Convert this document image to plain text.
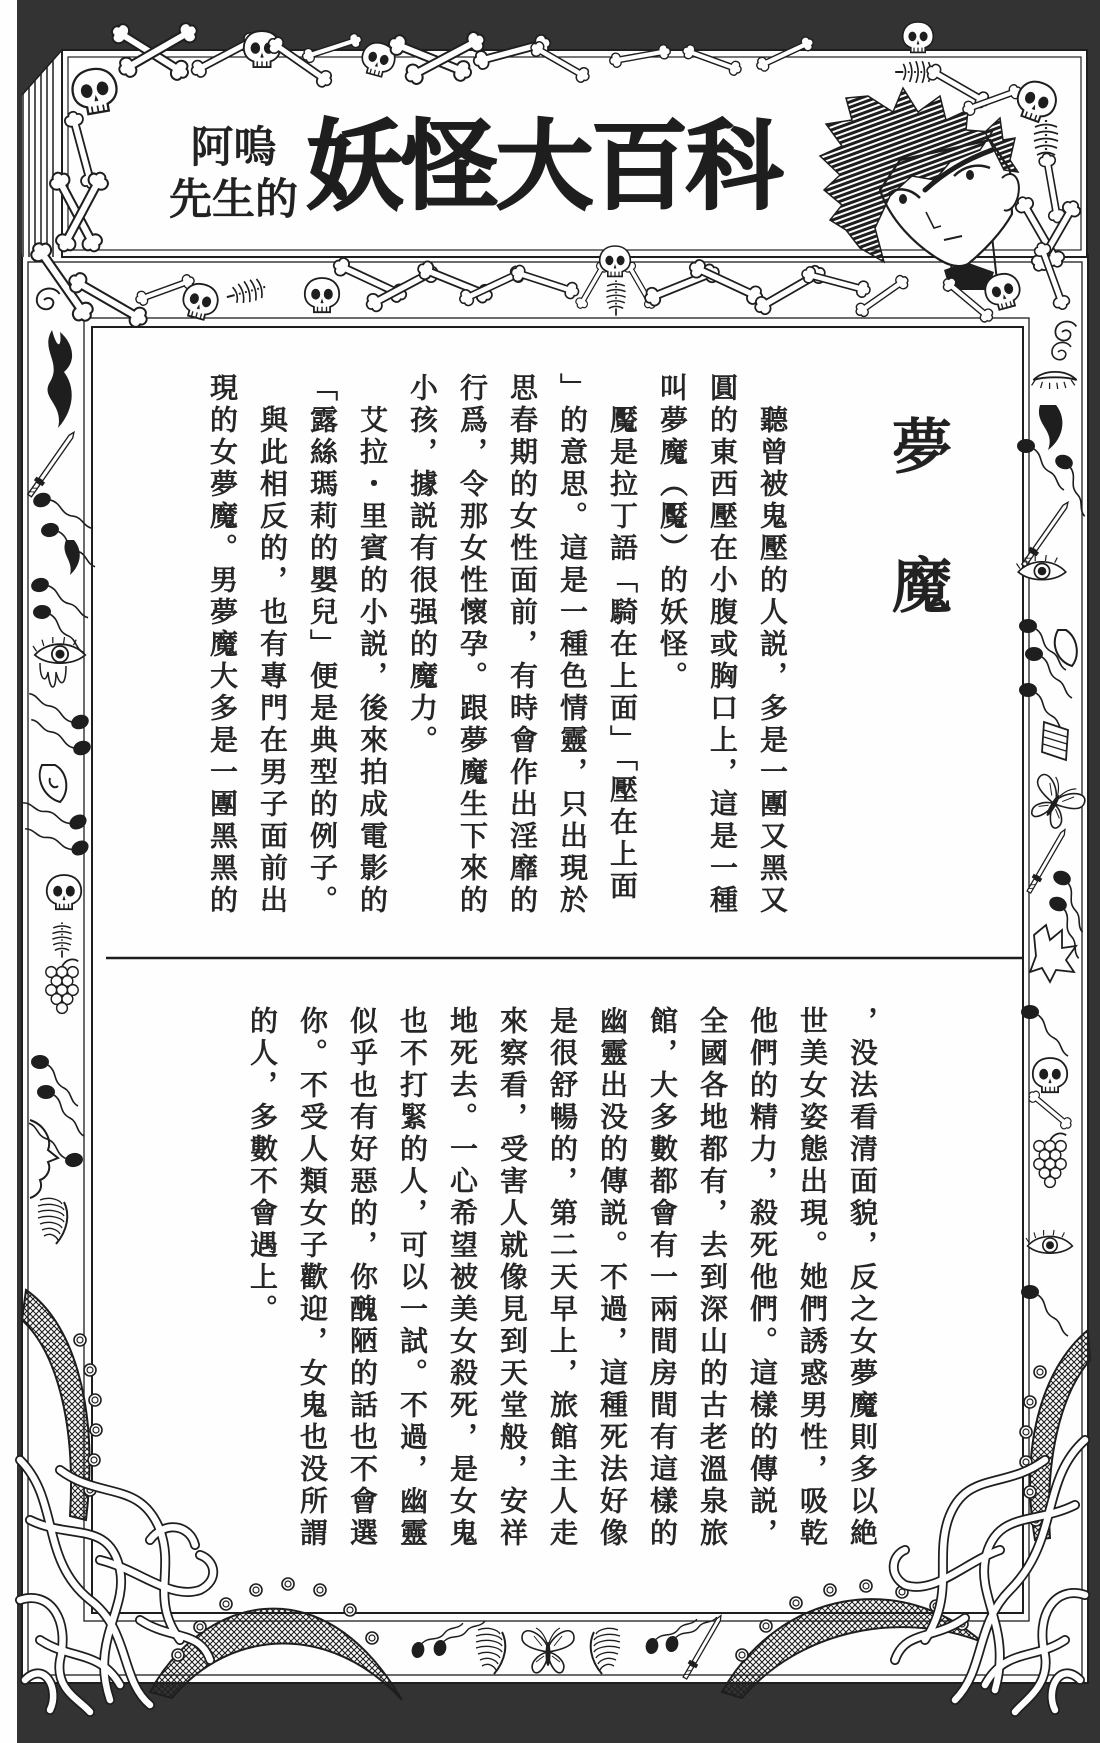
阿嗚
先生的 妖怪大百科
夢
魔
聽曾被鬼壓的人説，多是一團又黑又
圓的東西壓在小腹或胸口上，這是一種
叫夢魔（魘）的妖怪。
魘是拉丁語「騎在上面」「壓在上面
」的意思。這是一種色情靈，只出現於
思春期的女性面前，有時會作出淫靡的
行爲，令那女性懷孕。跟夢魔生下來的
小孩，據説有很强的魔力。
艾拉・里賓的小説，後來拍成電影的
「露絲瑪莉的嬰兒」便是典型的例子。
與此相反的，也有專門在男子面前出
現的女夢魔。男夢魔大多是一團黑黑的
，没法看清面貌，反之女夢魔則多以絶
世美女姿態出現。她們誘惑男性，吸乾
他們的精力，殺死他們。這樣的傳説，
全國各地都有，去到深山的古老溫泉旅
館，大多數都會有一兩間房間有這樣的
幽靈出没的傳説。不過，這種死法好像
是很舒暢的，第二天早上，旅館主人走
來察看，受害人就像見到天堂般，安祥
地死去。一心希望被美女殺死，是女鬼
也不打緊的人，可以一試。不過，幽靈
似乎也有好惡的，你醜陋的話也不會選
你。不受人類女子歡迎，女鬼也没所謂
的人，多數不會遇上。
